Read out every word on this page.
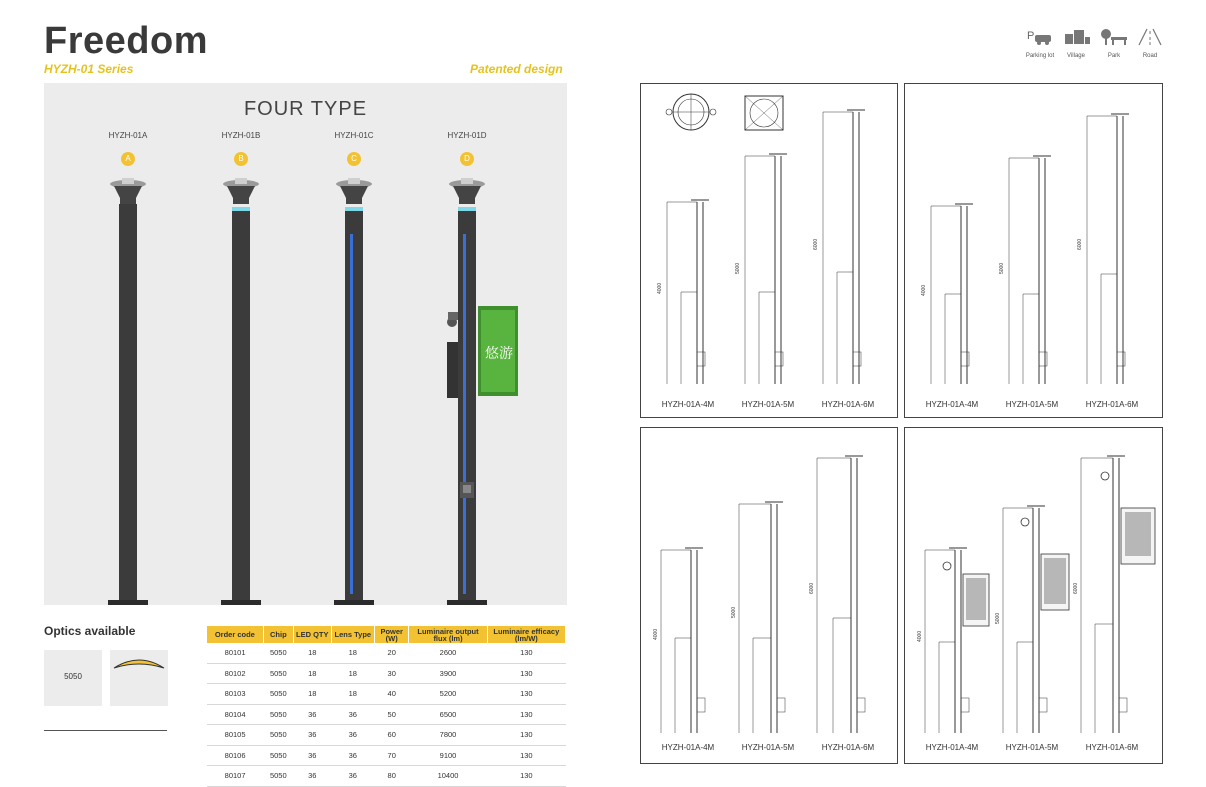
Freedom
HYZH-01 Series	Patented design
P
Parking lot	Village	Park	Road
FOUR TYPE
HYZH-01A	HYZH-01B	HYZH-01C	HYZH-01D
A	B	C	D
悠游
Optics available
5050
Order code	Chip	LED QTY	Lens Type	Power (W)	Luminaire output flux (lm)	Luminaire efficacy (lm/W)
80101	5050	18	18	20	2600	130
80102	5050	18	18	30	3900	130
80103	5050	18	18	40	5200	130
80104	5050	36	36	50	6500	130
80105	5050	36	36	60	7800	130
80106	5050	36	36	70	9100	130
80107	5050	36	36	80	10400	130
4000
5000
6000
HYZH-01A-4M	HYZH-01A-5M	HYZH-01A-6M
4000
5000
6000
HYZH-01A-4M	HYZH-01A-5M	HYZH-01A-6M
4000
5000
6000
HYZH-01A-4M	HYZH-01A-5M	HYZH-01A-6M
4000
5000
6000
HYZH-01A-4M	HYZH-01A-5M	HYZH-01A-6M
